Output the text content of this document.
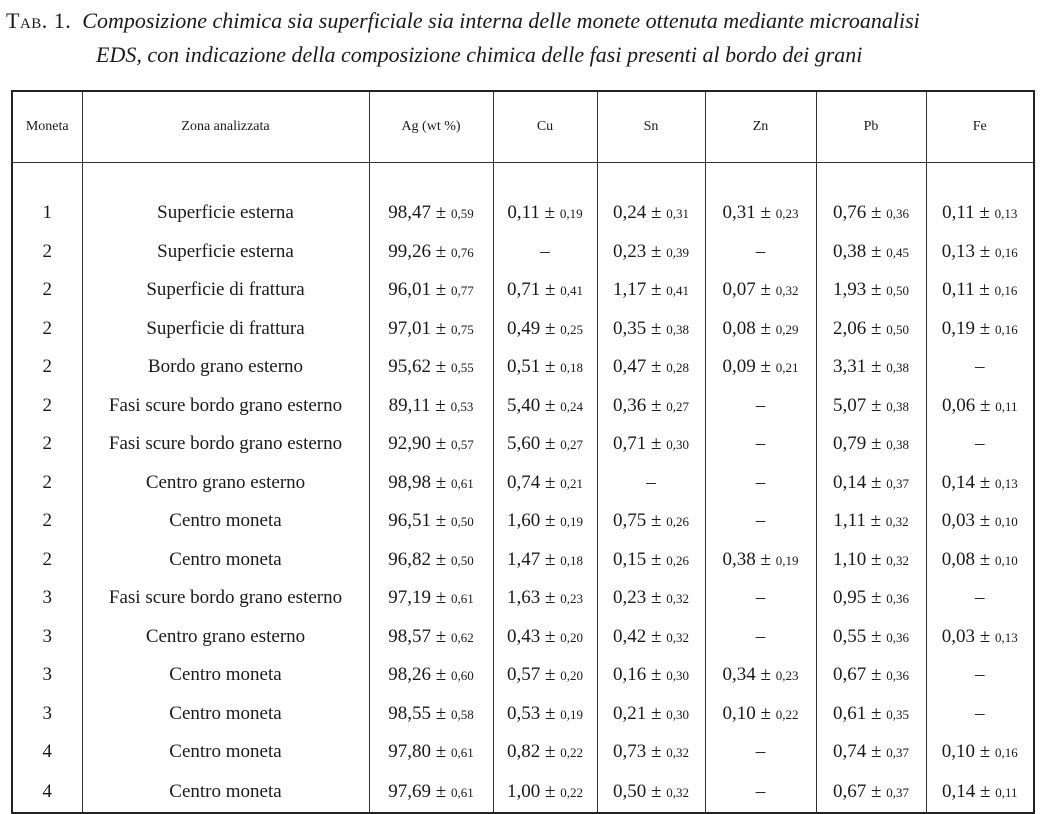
Tab. 1. Composizione chimica sia superficiale sia interna delle monete ottenuta mediante microanalisi
EDS, con indicazione della composizione chimica delle fasi presenti al bordo dei grani
Moneta	Zona analizzata	Ag (wt %)	Cu	Sn	Zn	Pb	Fe

1	Superficie esterna	98,47 ± 0,59	0,11 ± 0,19	0,24 ± 0,31	0,31 ± 0,23	0,76 ± 0,36	0,11 ± 0,13
2	Superficie esterna	99,26 ± 0,76	–	0,23 ± 0,39	–	0,38 ± 0,45	0,13 ± 0,16
2	Superficie di frattura	96,01 ± 0,77	0,71 ± 0,41	1,17 ± 0,41	0,07 ± 0,32	1,93 ± 0,50	0,11 ± 0,16
2	Superficie di frattura	97,01 ± 0,75	0,49 ± 0,25	0,35 ± 0,38	0,08 ± 0,29	2,06 ± 0,50	0,19 ± 0,16
2	Bordo grano esterno	95,62 ± 0,55	0,51 ± 0,18	0,47 ± 0,28	0,09 ± 0,21	3,31 ± 0,38	–
2	Fasi scure bordo grano esterno	89,11 ± 0,53	5,40 ± 0,24	0,36 ± 0,27	–	5,07 ± 0,38	0,06 ± 0,11
2	Fasi scure bordo grano esterno	92,90 ± 0,57	5,60 ± 0,27	0,71 ± 0,30	–	0,79 ± 0,38	–
2	Centro grano esterno	98,98 ± 0,61	0,74 ± 0,21	–	–	0,14 ± 0,37	0,14 ± 0,13
2	Centro moneta	96,51 ± 0,50	1,60 ± 0,19	0,75 ± 0,26	–	1,11 ± 0,32	0,03 ± 0,10
2	Centro moneta	96,82 ± 0,50	1,47 ± 0,18	0,15 ± 0,26	0,38 ± 0,19	1,10 ± 0,32	0,08 ± 0,10
3	Fasi scure bordo grano esterno	97,19 ± 0,61	1,63 ± 0,23	0,23 ± 0,32	–	0,95 ± 0,36	–
3	Centro grano esterno	98,57 ± 0,62	0,43 ± 0,20	0,42 ± 0,32	–	0,55 ± 0,36	0,03 ± 0,13
3	Centro moneta	98,26 ± 0,60	0,57 ± 0,20	0,16 ± 0,30	0,34 ± 0,23	0,67 ± 0,36	–
3	Centro moneta	98,55 ± 0,58	0,53 ± 0,19	0,21 ± 0,30	0,10 ± 0,22	0,61 ± 0,35	–
4	Centro moneta	97,80 ± 0,61	0,82 ± 0,22	0,73 ± 0,32	–	0,74 ± 0,37	0,10 ± 0,16
4	Centro moneta	97,69 ± 0,61	1,00 ± 0,22	0,50 ± 0,32	–	0,67 ± 0,37	0,14 ± 0,11
